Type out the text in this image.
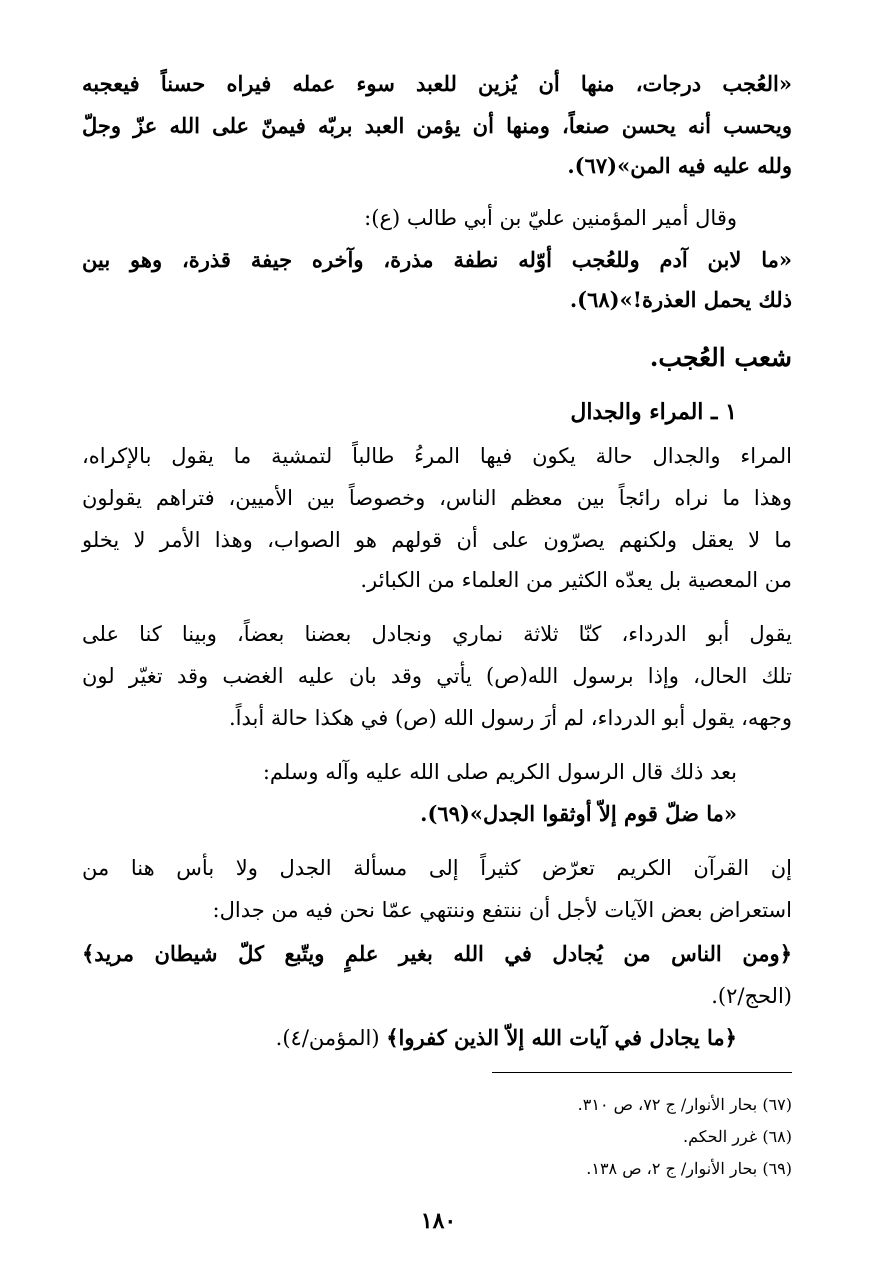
«العُجب درجات، منها أن يُزين للعبد سوء عمله فيراه حسناً فيعجبه
ويحسب أنه يحسن صنعاً، ومنها أن يؤمن العبد بربّه فيمنّ على الله عزّ وجلّ
ولله عليه فيه المن»(٦٧).
وقال أمير المؤمنين عليّ بن أبي طالب (ع):
«ما لابن آدم وللعُجب أوّله نطفة مذرة، وآخره جيفة قذرة، وهو بين
ذلك يحمل العذرة!»(٦٨).
شعب العُجب.
١ ـ المراء والجدال
المراء والجدال حالة يكون فيها المرءُ طالباً لتمشية ما يقول بالإكراه،
وهذا ما نراه رائجاً بين معظم الناس، وخصوصاً بين الأميين، فتراهم يقولون
ما لا يعقل ولكنهم يصرّون على أن قولهم هو الصواب، وهذا الأمر لا يخلو
من المعصية بل يعدّه الكثير من العلماء من الكبائر.
يقول أبو الدرداء، كنّا ثلاثة نماري ونجادل بعضنا بعضاً، وبينا كنا على
تلك الحال، وإذا برسول الله(ص) يأتي وقد بان عليه الغضب وقد تغيّر لون
وجهه، يقول أبو الدرداء، لم أرَ رسول الله (ص) في هكذا حالة أبداً.
بعد ذلك قال الرسول الكريم صلى الله عليه وآله وسلم:
«ما ضلّ قوم إلاّ أوثقوا الجدل»(٦٩).
إن القرآن الكريم تعرّض كثيراً إلى مسألة الجدل ولا بأس هنا من
استعراض بعض الآيات لأجل أن ننتفع وننتهي عمّا نحن فيه من جدال:
﴿ومن الناس من يُجادل في الله بغير علمٍ ويتّبع كلّ شيطان مريد﴾
(الحج/٢).
﴿ما يجادل في آيات الله إلاّ الذين كفروا﴾ (المؤمن/٤).
(٦٧) بحار الأنوار/ ج ٧٢، ص ٣١٠.
(٦٨) غرر الحكم.
(٦٩) بحار الأنوار/ ج ٢، ص ١٣٨.
١٨٠
